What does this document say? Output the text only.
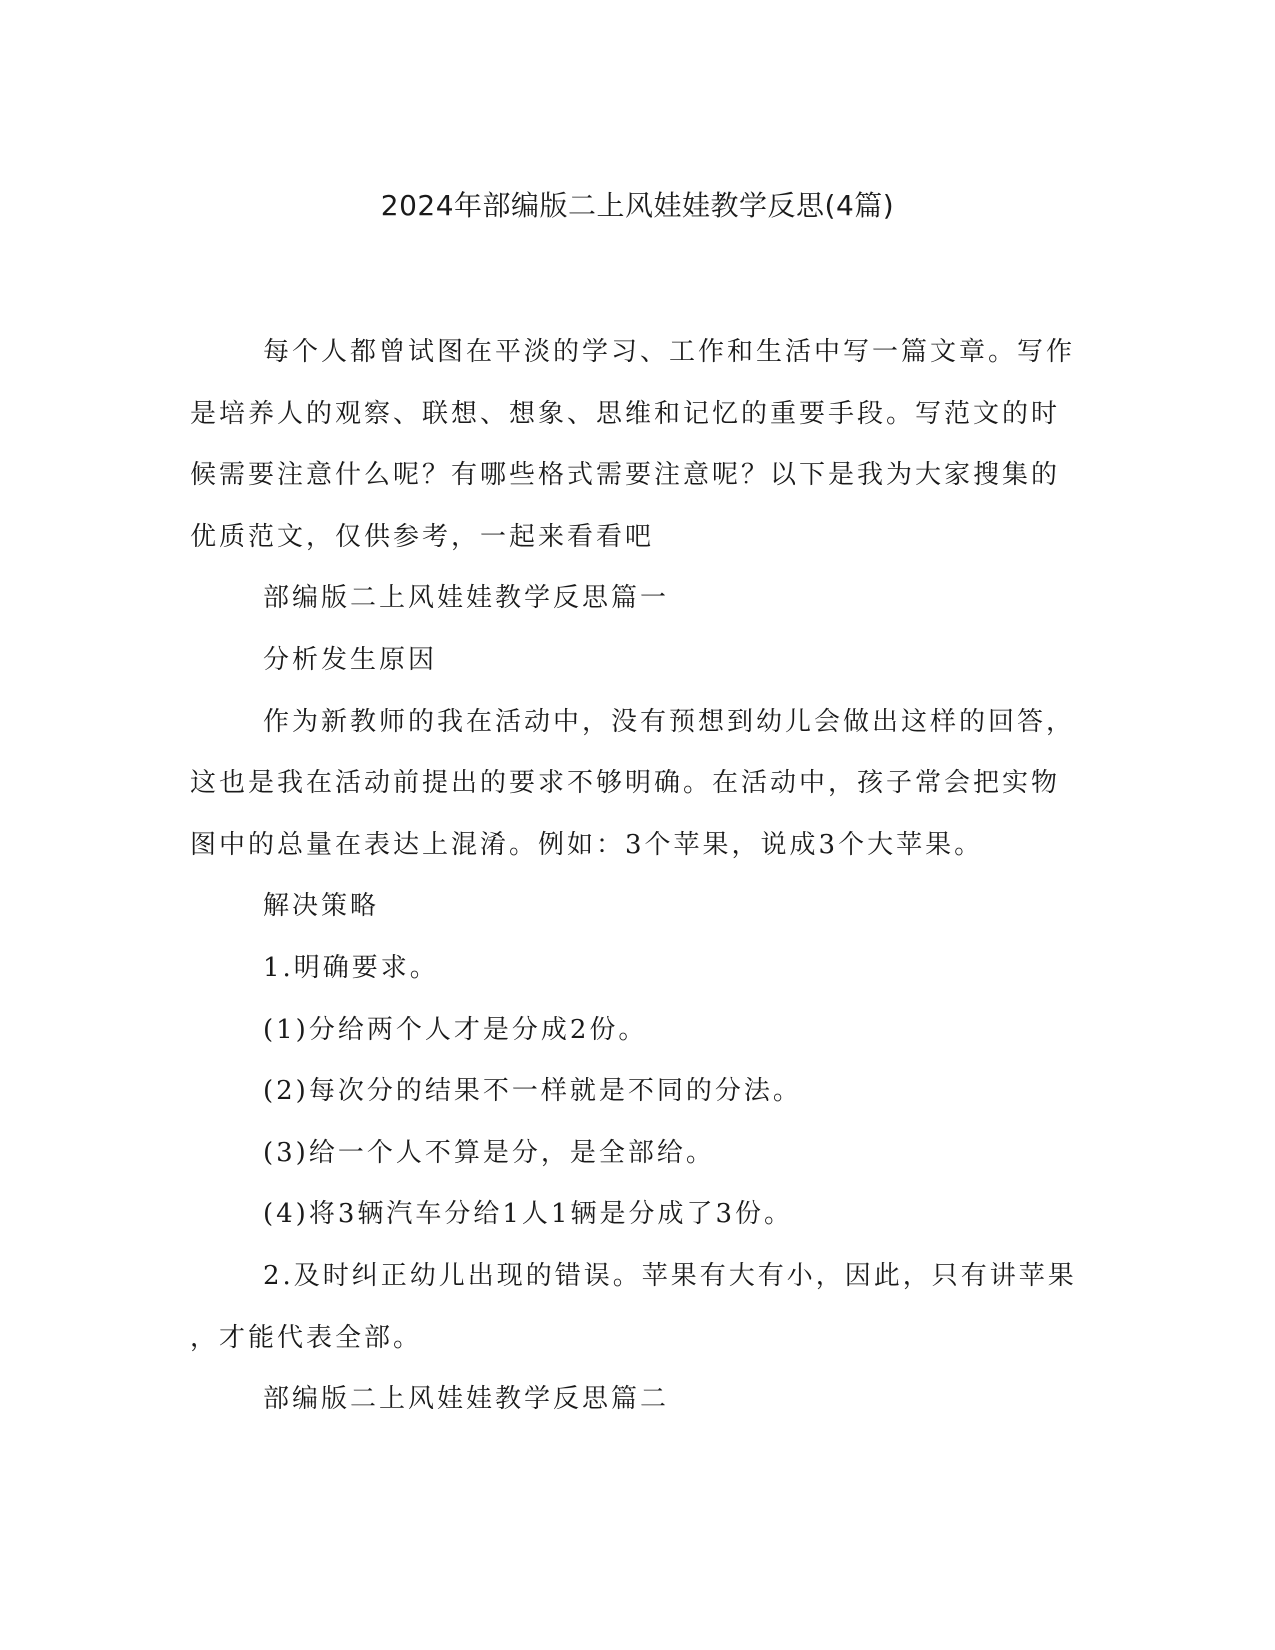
2024年部编版二上风娃娃教学反思(4篇)
每个人都曾试图在平淡的学习、工作和生活中写一篇文章。写作
是培养人的观察、联想、想象、思维和记忆的重要手段。写范文的时
候需要注意什么呢？有哪些格式需要注意呢？以下是我为大家搜集的
优质范文，仅供参考，一起来看看吧
部编版二上风娃娃教学反思篇一
分析发生原因
作为新教师的我在活动中，没有预想到幼儿会做出这样的回答，
这也是我在活动前提出的要求不够明确。在活动中，孩子常会把实物
图中的总量在表达上混淆。例如：3个苹果，说成3个大苹果。
解决策略
1.明确要求。
(1)分给两个人才是分成2份。
(2)每次分的结果不一样就是不同的分法。
(3)给一个人不算是分，是全部给。
(4)将3辆汽车分给1人1辆是分成了3份。
2.及时纠正幼儿出现的错误。苹果有大有小，因此，只有讲苹果
，才能代表全部。
部编版二上风娃娃教学反思篇二
